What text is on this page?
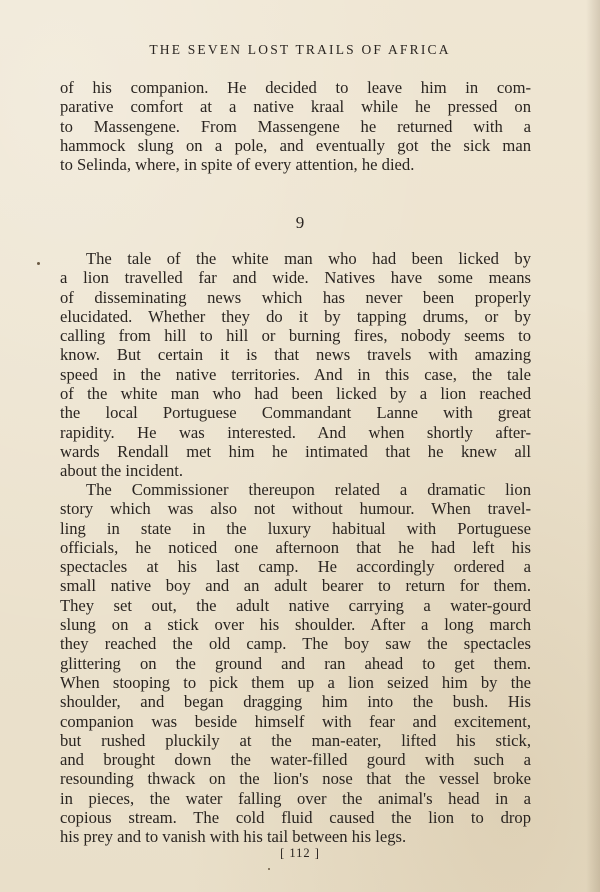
THE SEVEN LOST TRAILS OF AFRICA
of his companion. He decided to leave him in com-
parative comfort at a native kraal while he pressed on
to Massengene. From Massengene he returned with a
hammock slung on a pole, and eventually got the sick man
to Selinda, where, in spite of every attention, he died.
9
The tale of the white man who had been licked by
a lion travelled far and wide. Natives have some means
of disseminating news which has never been properly
elucidated. Whether they do it by tapping drums, or by
calling from hill to hill or burning fires, nobody seems to
know. But certain it is that news travels with amazing
speed in the native territories. And in this case, the tale
of the white man who had been licked by a lion reached
the local Portuguese Commandant Lanne with great
rapidity. He was interested. And when shortly after-
wards Rendall met him he intimated that he knew all
about the incident.
The Commissioner thereupon related a dramatic lion
story which was also not without humour. When travel-
ling in state in the luxury habitual with Portuguese
officials, he noticed one afternoon that he had left his
spectacles at his last camp. He accordingly ordered a
small native boy and an adult bearer to return for them.
They set out, the adult native carrying a water-gourd
slung on a stick over his shoulder. After a long march
they reached the old camp. The boy saw the spectacles
glittering on the ground and ran ahead to get them.
When stooping to pick them up a lion seized him by the
shoulder, and began dragging him into the bush. His
companion was beside himself with fear and excitement,
but rushed pluckily at the man-eater, lifted his stick,
and brought down the water-filled gourd with such a
resounding thwack on the lion's nose that the vessel broke
in pieces, the water falling over the animal's head in a
copious stream. The cold fluid caused the lion to drop
his prey and to vanish with his tail between his legs.
[ 112 ]
